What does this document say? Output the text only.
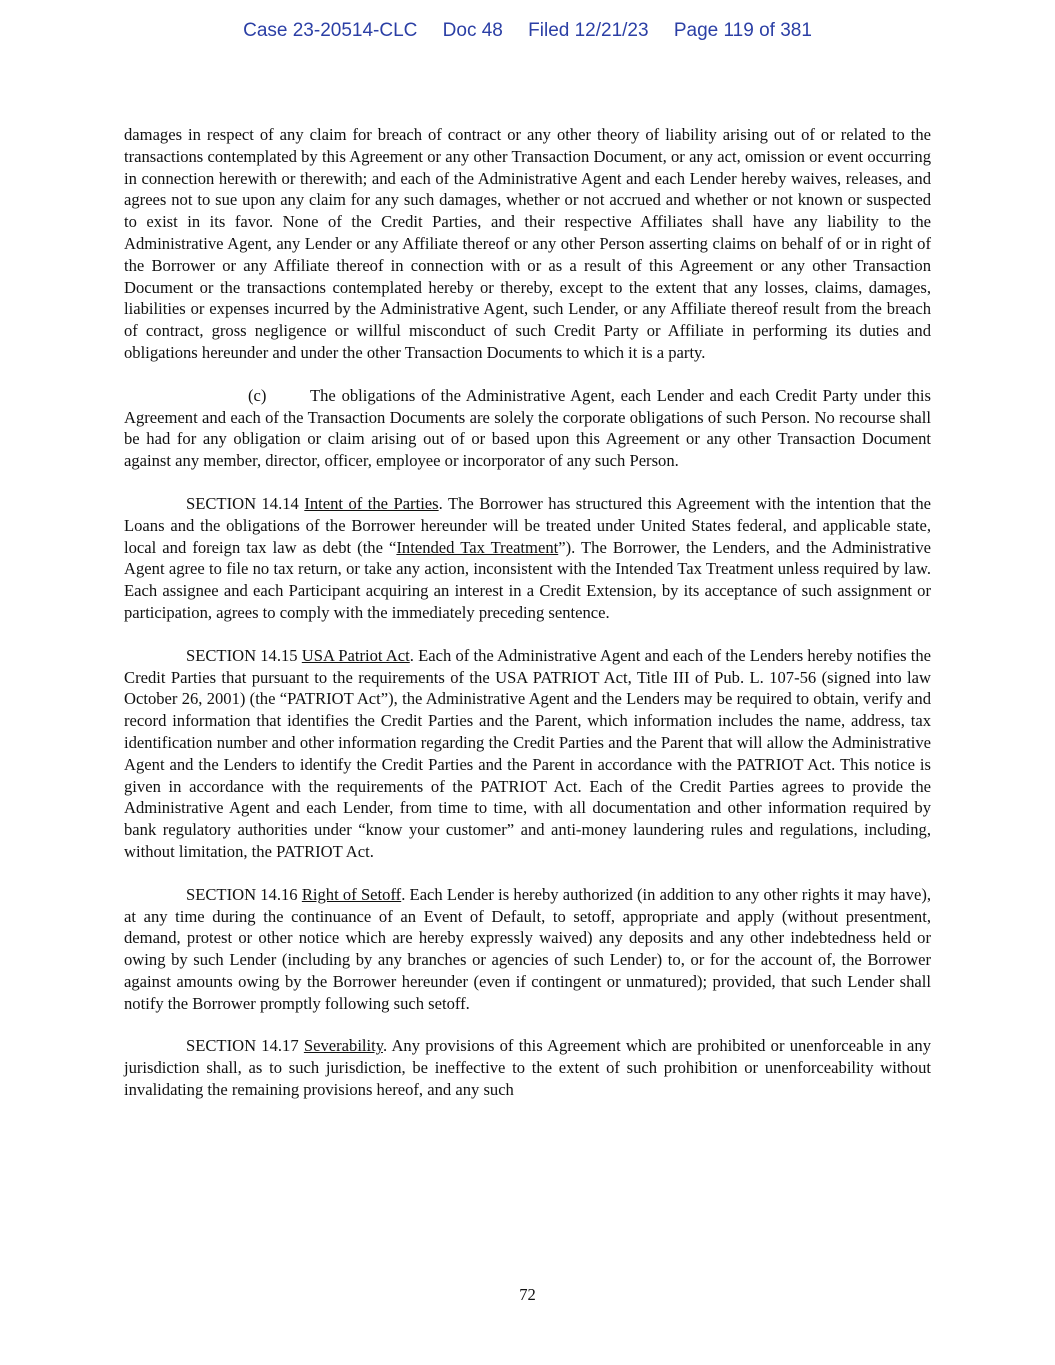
Case 23-20514-CLC Doc 48 Filed 12/21/23 Page 119 of 381

damages in respect of any claim for breach of contract or any other theory of liability arising out of or related to the transactions contemplated by this Agreement or any other Transaction Document, or any act, omission or event occurring in connection herewith or therewith; and each of the Administrative Agent and each Lender hereby waives, releases, and agrees not to sue upon any claim for any such damages, whether or not accrued and whether or not known or suspected to exist in its favor. None of the Credit Parties, and their respective Affiliates shall have any liability to the Administrative Agent, any Lender or any Affiliate thereof or any other Person asserting claims on behalf of or in right of the Borrower or any Affiliate thereof in connection with or as a result of this Agreement or any other Transaction Document or the transactions contemplated hereby or thereby, except to the extent that any losses, claims, damages, liabilities or expenses incurred by the Administrative Agent, such Lender, or any Affiliate thereof result from the breach of contract, gross negligence or willful misconduct of such Credit Party or Affiliate in performing its duties and obligations hereunder and under the other Transaction Documents to which it is a party.

(c)	The obligations of the Administrative Agent, each Lender and each Credit Party under this Agreement and each of the Transaction Documents are solely the corporate obligations of such Person. No recourse shall be had for any obligation or claim arising out of or based upon this Agreement or any other Transaction Document against any member, director, officer, employee or incorporator of any such Person.

SECTION 14.14 Intent of the Parties. The Borrower has structured this Agreement with the intention that the Loans and the obligations of the Borrower hereunder will be treated under United States federal, and applicable state, local and foreign tax law as debt (the “Intended Tax Treatment”). The Borrower, the Lenders, and the Administrative Agent agree to file no tax return, or take any action, inconsistent with the Intended Tax Treatment unless required by law. Each assignee and each Participant acquiring an interest in a Credit Extension, by its acceptance of such assignment or participation, agrees to comply with the immediately preceding sentence.

SECTION 14.15 USA Patriot Act. Each of the Administrative Agent and each of the Lenders hereby notifies the Credit Parties that pursuant to the requirements of the USA PATRIOT Act, Title III of Pub. L. 107-56 (signed into law October 26, 2001) (the “PATRIOT Act”), the Administrative Agent and the Lenders may be required to obtain, verify and record information that identifies the Credit Parties and the Parent, which information includes the name, address, tax identification number and other information regarding the Credit Parties and the Parent that will allow the Administrative Agent and the Lenders to identify the Credit Parties and the Parent in accordance with the PATRIOT Act. This notice is given in accordance with the requirements of the PATRIOT Act. Each of the Credit Parties agrees to provide the Administrative Agent and each Lender, from time to time, with all documentation and other information required by bank regulatory authorities under “know your customer” and anti-money laundering rules and regulations, including, without limitation, the PATRIOT Act.

SECTION 14.16 Right of Setoff. Each Lender is hereby authorized (in addition to any other rights it may have), at any time during the continuance of an Event of Default, to setoff, appropriate and apply (without presentment, demand, protest or other notice which are hereby expressly waived) any deposits and any other indebtedness held or owing by such Lender (including by any branches or agencies of such Lender) to, or for the account of, the Borrower against amounts owing by the Borrower hereunder (even if contingent or unmatured); provided, that such Lender shall notify the Borrower promptly following such setoff.

SECTION 14.17 Severability. Any provisions of this Agreement which are prohibited or unenforceable in any jurisdiction shall, as to such jurisdiction, be ineffective to the extent of such prohibition or unenforceability without invalidating the remaining provisions hereof, and any such

72
